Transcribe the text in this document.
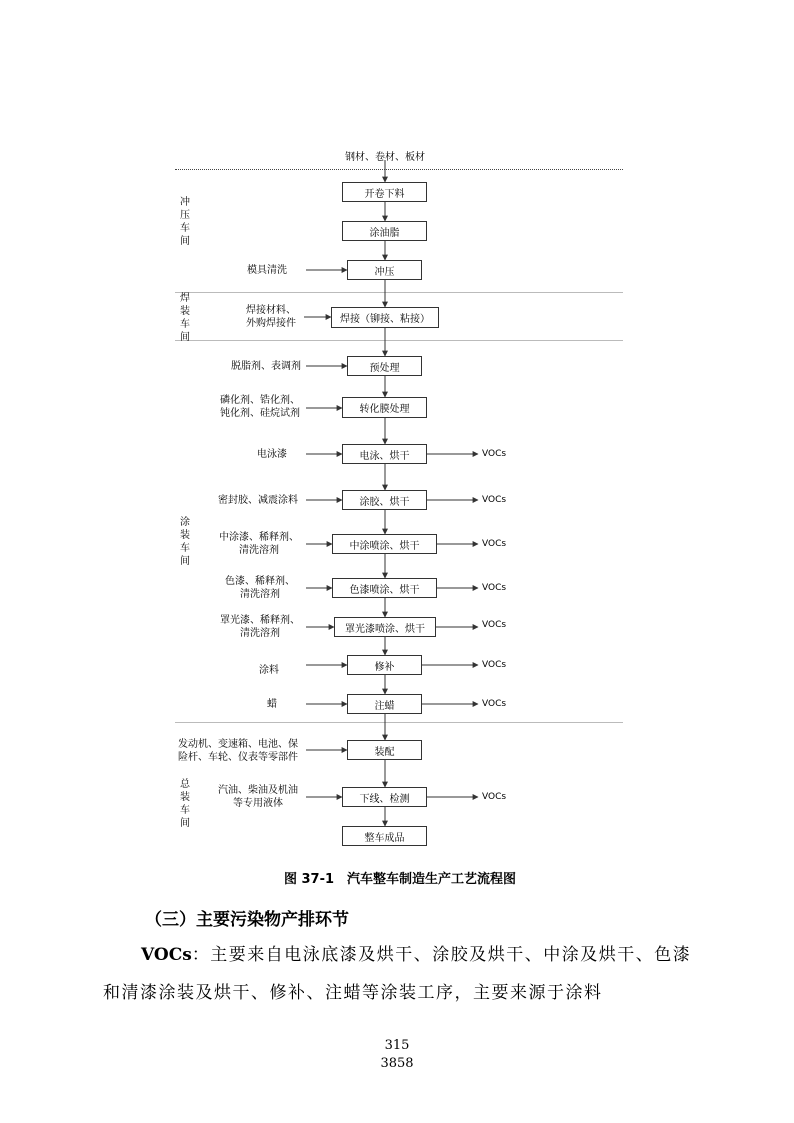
钢材、卷材、板材
冲压车间
焊装车间
涂装车间
总装车间
开卷下料
涂油脂
冲压
焊接（铆接、粘接）
预处理
转化膜处理
电泳、烘干
涂胶、烘干
中涂喷涂、烘干
色漆喷涂、烘干
罩光漆喷涂、烘干
修补
注蜡
装配
下线、检测
整车成品
模具清洗
焊接材料、
外购焊接件
脱脂剂、表调剂
磷化剂、锆化剂、
钝化剂、硅烷试剂
电泳漆
密封胶、减震涂料
中涂漆、稀释剂、
清洗溶剂
色漆、稀释剂、
清洗溶剂
罩光漆、稀释剂、
清洗溶剂
涂料
蜡
发动机、变速箱、电池、保
险杆、车轮、仪表等零部件
汽油、柴油及机油
等专用液体
VOCs
VOCs
VOCs
VOCs
VOCs
VOCs
VOCs
VOCs
图 37-1　汽车整车制造生产工艺流程图
（三）主要污染物产排环节
VOCs：主要来自电泳底漆及烘干、涂胶及烘干、中涂及烘干、色漆和清漆涂装及烘干、修补、注蜡等涂装工序，主要来源于涂料
315
3858
